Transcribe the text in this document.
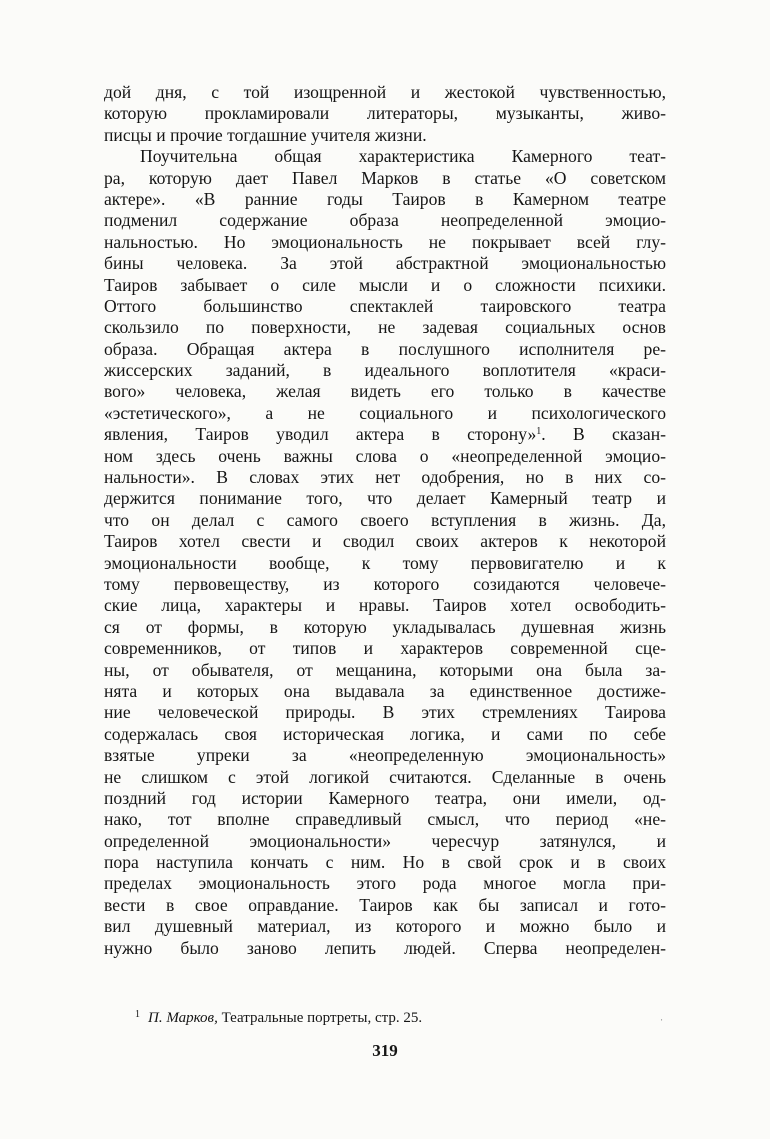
дой дня, с той изощренной и жестокой чувственностью,
которую прокламировали литераторы, музыканты, живо-
писцы и прочие тогдашние учителя жизни.
Поучительна общая характеристика Камерного теат-
ра, которую дает Павел Марков в статье «О советском
актере». «В ранние годы Таиров в Камерном театре
подменил содержание образа неопределенной эмоцио-
нальностью. Но эмоциональность не покрывает всей глу-
бины человека. За этой абстрактной эмоциональностью
Таиров забывает о силе мысли и о сложности психики.
Оттого большинство спектаклей таировского театра
скользило по поверхности, не задевая социальных основ
образа. Обращая актера в послушного исполнителя ре-
жиссерских заданий, в идеального воплотителя «краси-
вого» человека, желая видеть его только в качестве
«эстетического», а не социального и психологического
явления, Таиров уводил актера в сторону»$^1$. В сказан-
ном здесь очень важны слова о «неопределенной эмоцио-
нальности». В словах этих нет одобрения, но в них со-
держится понимание того, что делает Камерный театр и
что он делал с самого своего вступления в жизнь. Да,
Таиров хотел свести и сводил своих актеров к некоторой
эмоциональности вообще, к тому первовигателю и к
тому первовеществу, из которого созидаются человече-
ские лица, характеры и нравы. Таиров хотел освободить-
ся от формы, в которую укладывалась душевная жизнь
современников, от типов и характеров современной сце-
ны, от обывателя, от мещанина, которыми она была за-
нята и которых она выдавала за единственное достиже-
ние человеческой природы. В этих стремлениях Таирова
содержалась своя историческая логика, и сами по себе
взятые упреки за «неопределенную эмоциональность»
не слишком с этой логикой считаются. Сделанные в очень
поздний год истории Камерного театра, они имели, од-
нако, тот вполне справедливый смысл, что период «не-
определенной эмоциональности» чересчур затянулся, и
пора наступила кончать с ним. Но в свой срок и в своих
пределах эмоциональность этого рода многое могла при-
вести в свое оправдание. Таиров как бы записал и гото-
вил душевный материал, из которого и можно было и
нужно было заново лепить людей. Сперва неопределен-
$^1$ П. Марков, Театральные портреты, стр. 25.
319
⋅
